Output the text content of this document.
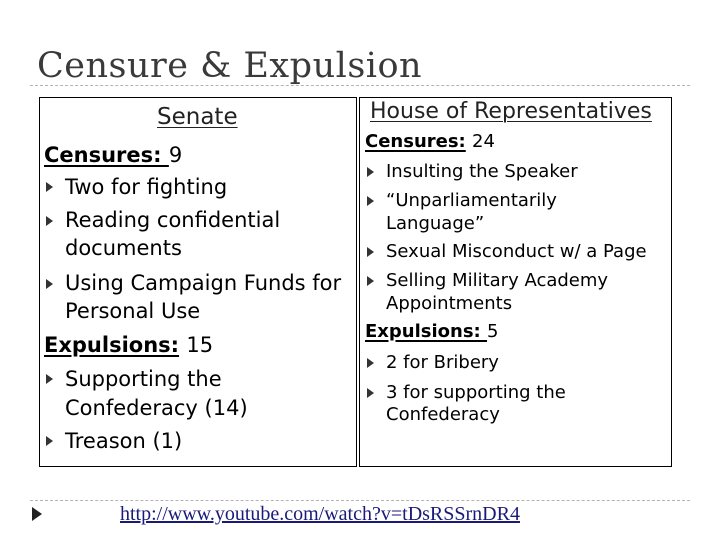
Censure & Expulsion
Senate
Censures: 9
Two for fighting
Reading confidential
documents
Using Campaign Funds for
Personal Use
Expulsions: 15
Supporting the
Confederacy (14)
Treason (1)
House of Representatives
Censures: 24
Insulting the Speaker
“Unparliamentarily
Language”
Sexual Misconduct w/ a Page
Selling Military Academy
Appointments
Expulsions: 5
2 for Bribery
3 for supporting the
Confederacy
http://www.youtube.com/watch?v=tDsRSSrnDR4
